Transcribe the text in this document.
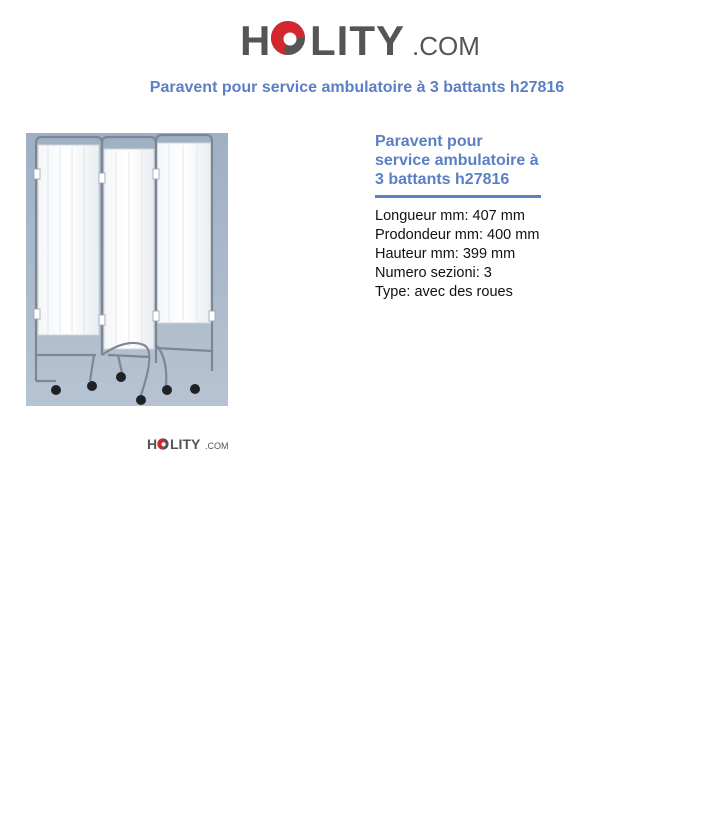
H LITY .COM
Paravent pour service ambulatoire à 3 battants h27816
H LITY .COM
Paravent pour service ambulatoire à 3 battants h27816
Longueur mm: 407 mm
Prodondeur mm: 400 mm
Hauteur mm: 399 mm
Numero sezioni: 3
Type: avec des roues
